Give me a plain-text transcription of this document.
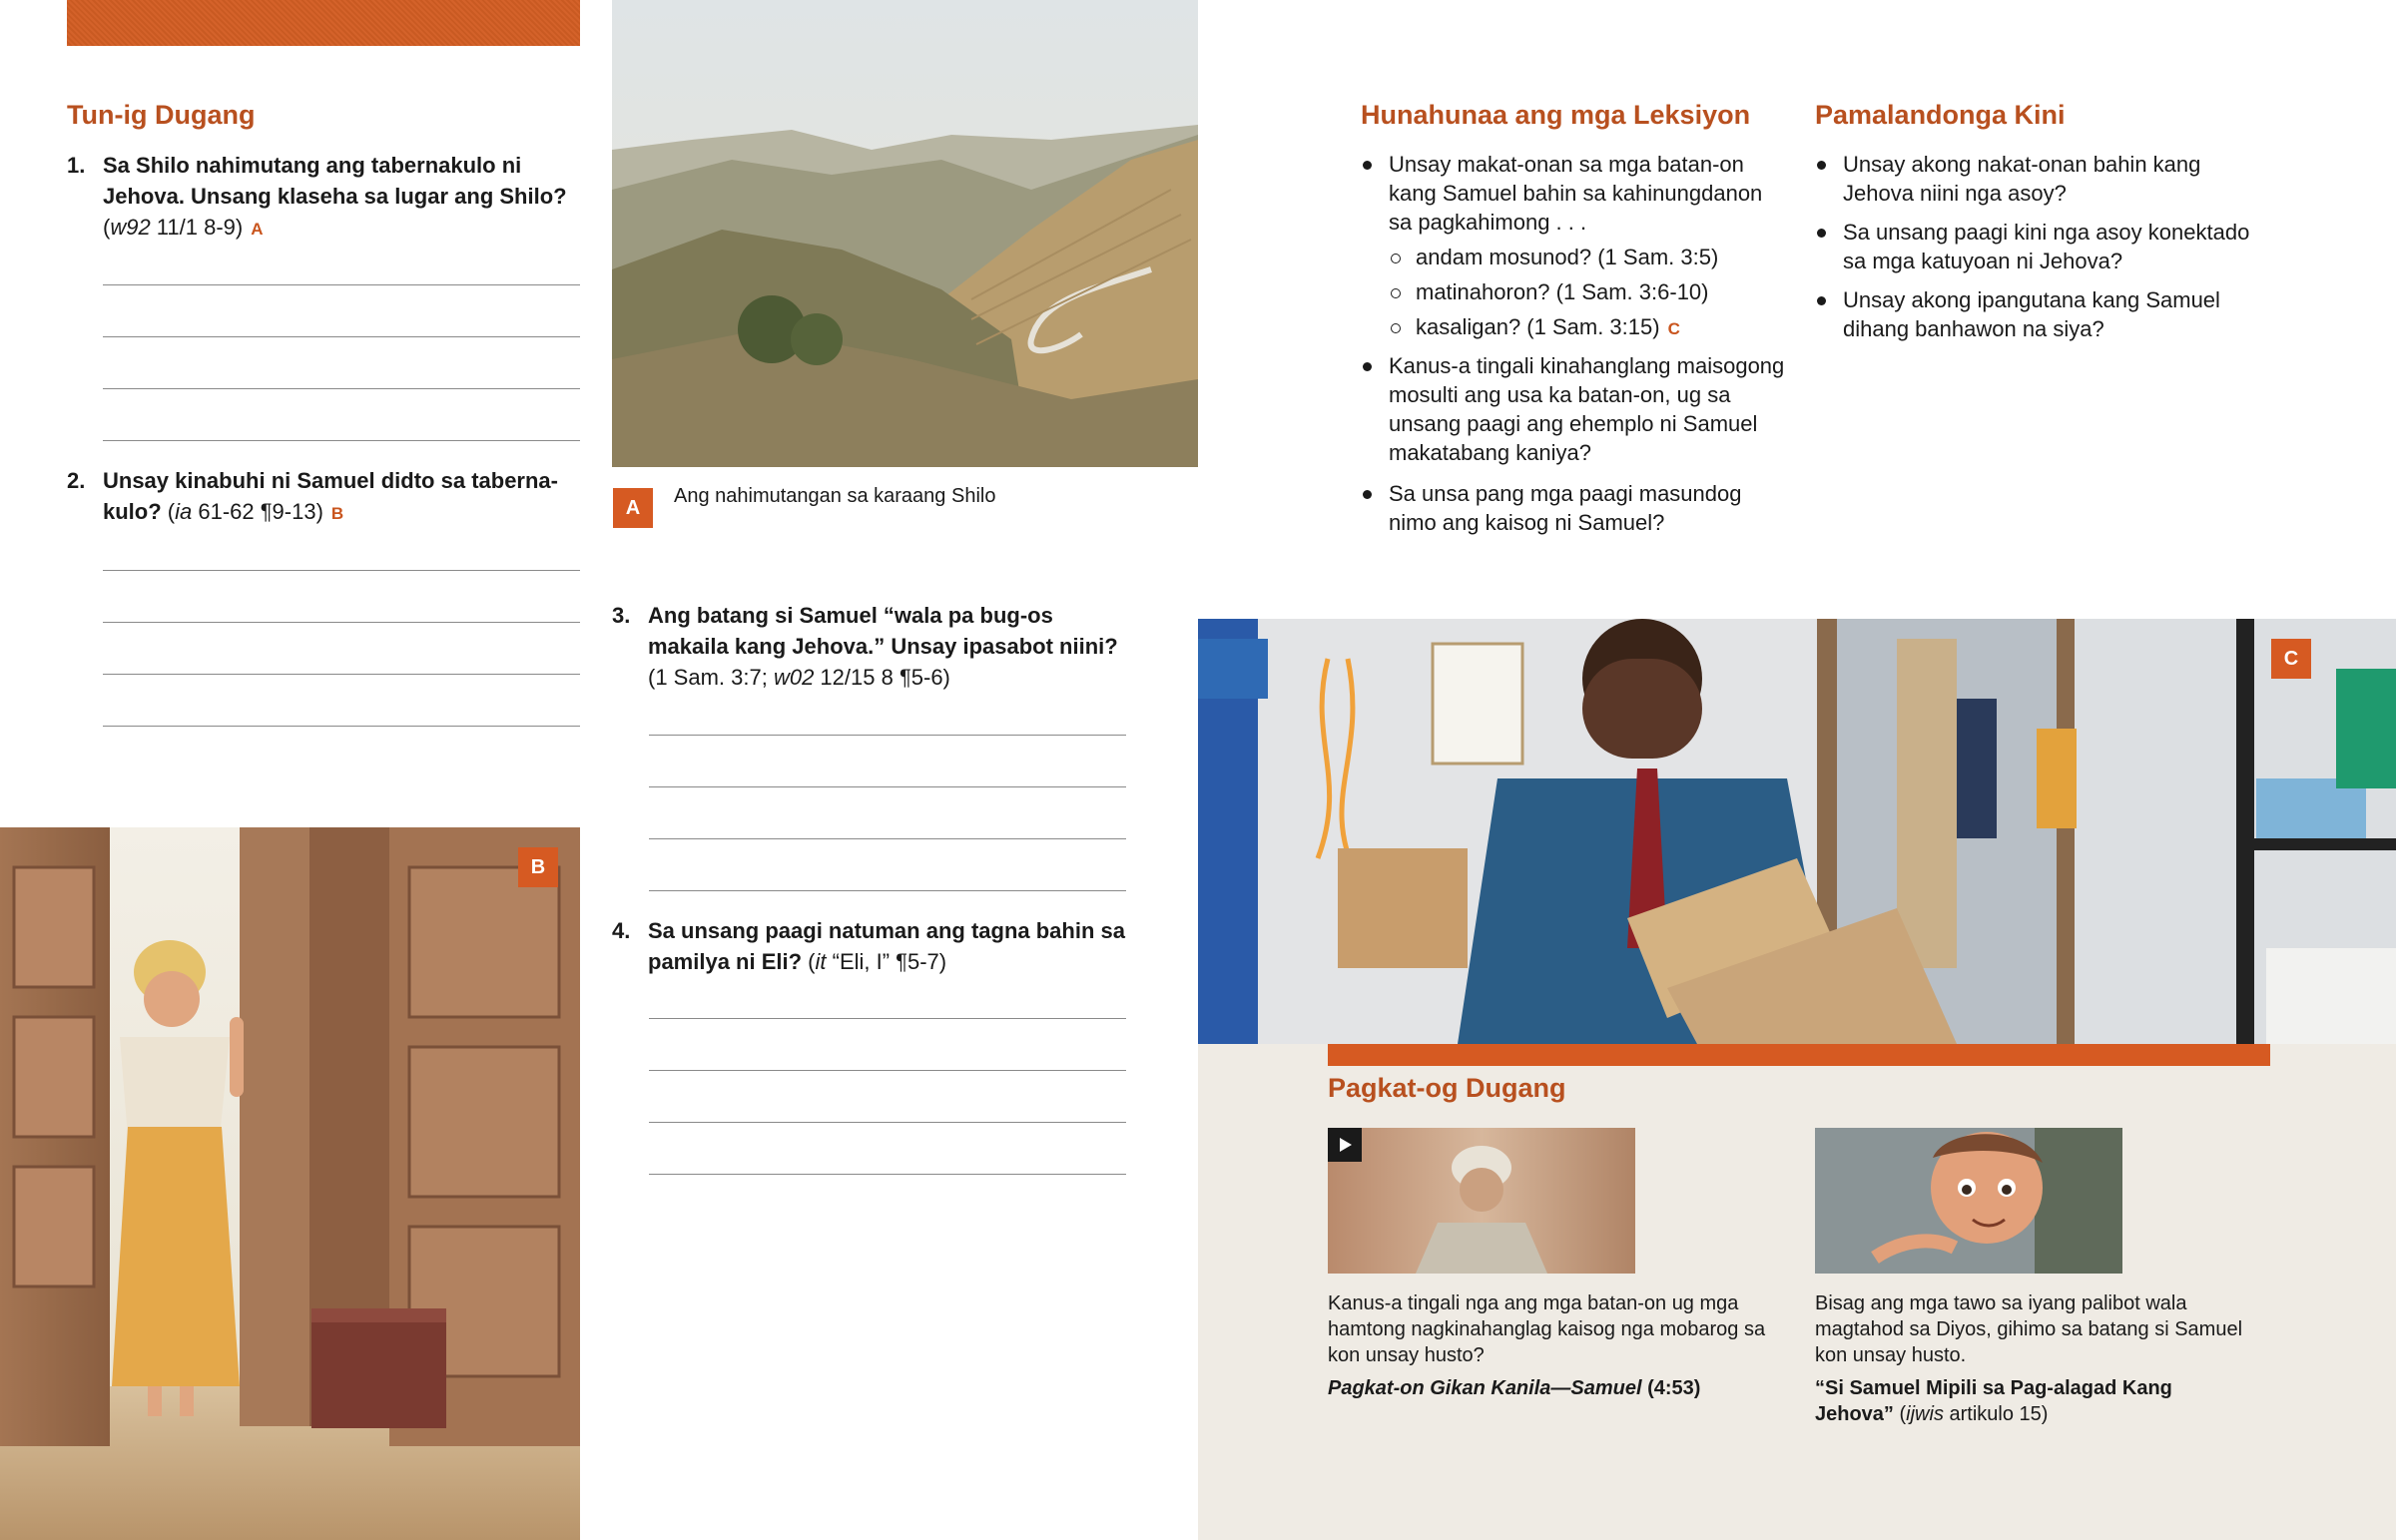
Tun-ig Dugang
1. Sa Shilo nahimutang ang tabernakulo ni Jehova. Unsang klaseha sa lugar ang Shilo?
(w92 11/1 8-9) A
2. Unsay kinabuhi ni Samuel didto sa tabernakulo? (ia 61-62 ¶9-13) B
B
A
Ang nahimutangan sa karaang Shilo
3. Ang batang si Samuel “wala pa bug-os makaila kang Jehova.” Unsay ipasabot niini?
(1 Sam. 3:7; w02 12/15 8 ¶5-6)
4. Sa unsang paagi natuman ang tagna bahin sa pamilya ni Eli? (it “Eli, I” ¶5-7)
Hunahunaa ang mga Leksiyon
Unsay makat-onan sa mga batan-on kang Samuel bahin sa kahinungdanon sa pagkahimong . . .
andam mosunod? (1 Sam. 3:5)
matinahoron? (1 Sam. 3:6-10)
kasaligan? (1 Sam. 3:15) C
Kanus-a tingali kinahanglang maisogong mosulti ang usa ka batan-on, ug sa unsang paagi ang ehemplo ni Samuel makatabang kaniya?
Sa unsa pang mga paagi masundog nimo ang kaisog ni Samuel?
Pamalandonga Kini
Unsay akong nakat-onan bahin kang Jehova niini nga asoy?
Sa unsang paagi kini nga asoy konektado sa mga katuyoan ni Jehova?
Unsay akong ipangutana kang Samuel dihang banhawon na siya?
C
Pagkat-og Dugang
Kanus-a tingali nga ang mga batan-on ug mga hamtong nagkinahanglag kaisog nga mobarog sa kon unsay husto?
Pagkat-on Gikan Kanila—Samuel (4:53)
Bisag ang mga tawo sa iyang palibot wala magtahod sa Diyos, gihimo sa batang si Samuel kon unsay husto.
“Si Samuel Mipili sa Pag-alagad Kang Jehova” (ijwis artikulo 15)
